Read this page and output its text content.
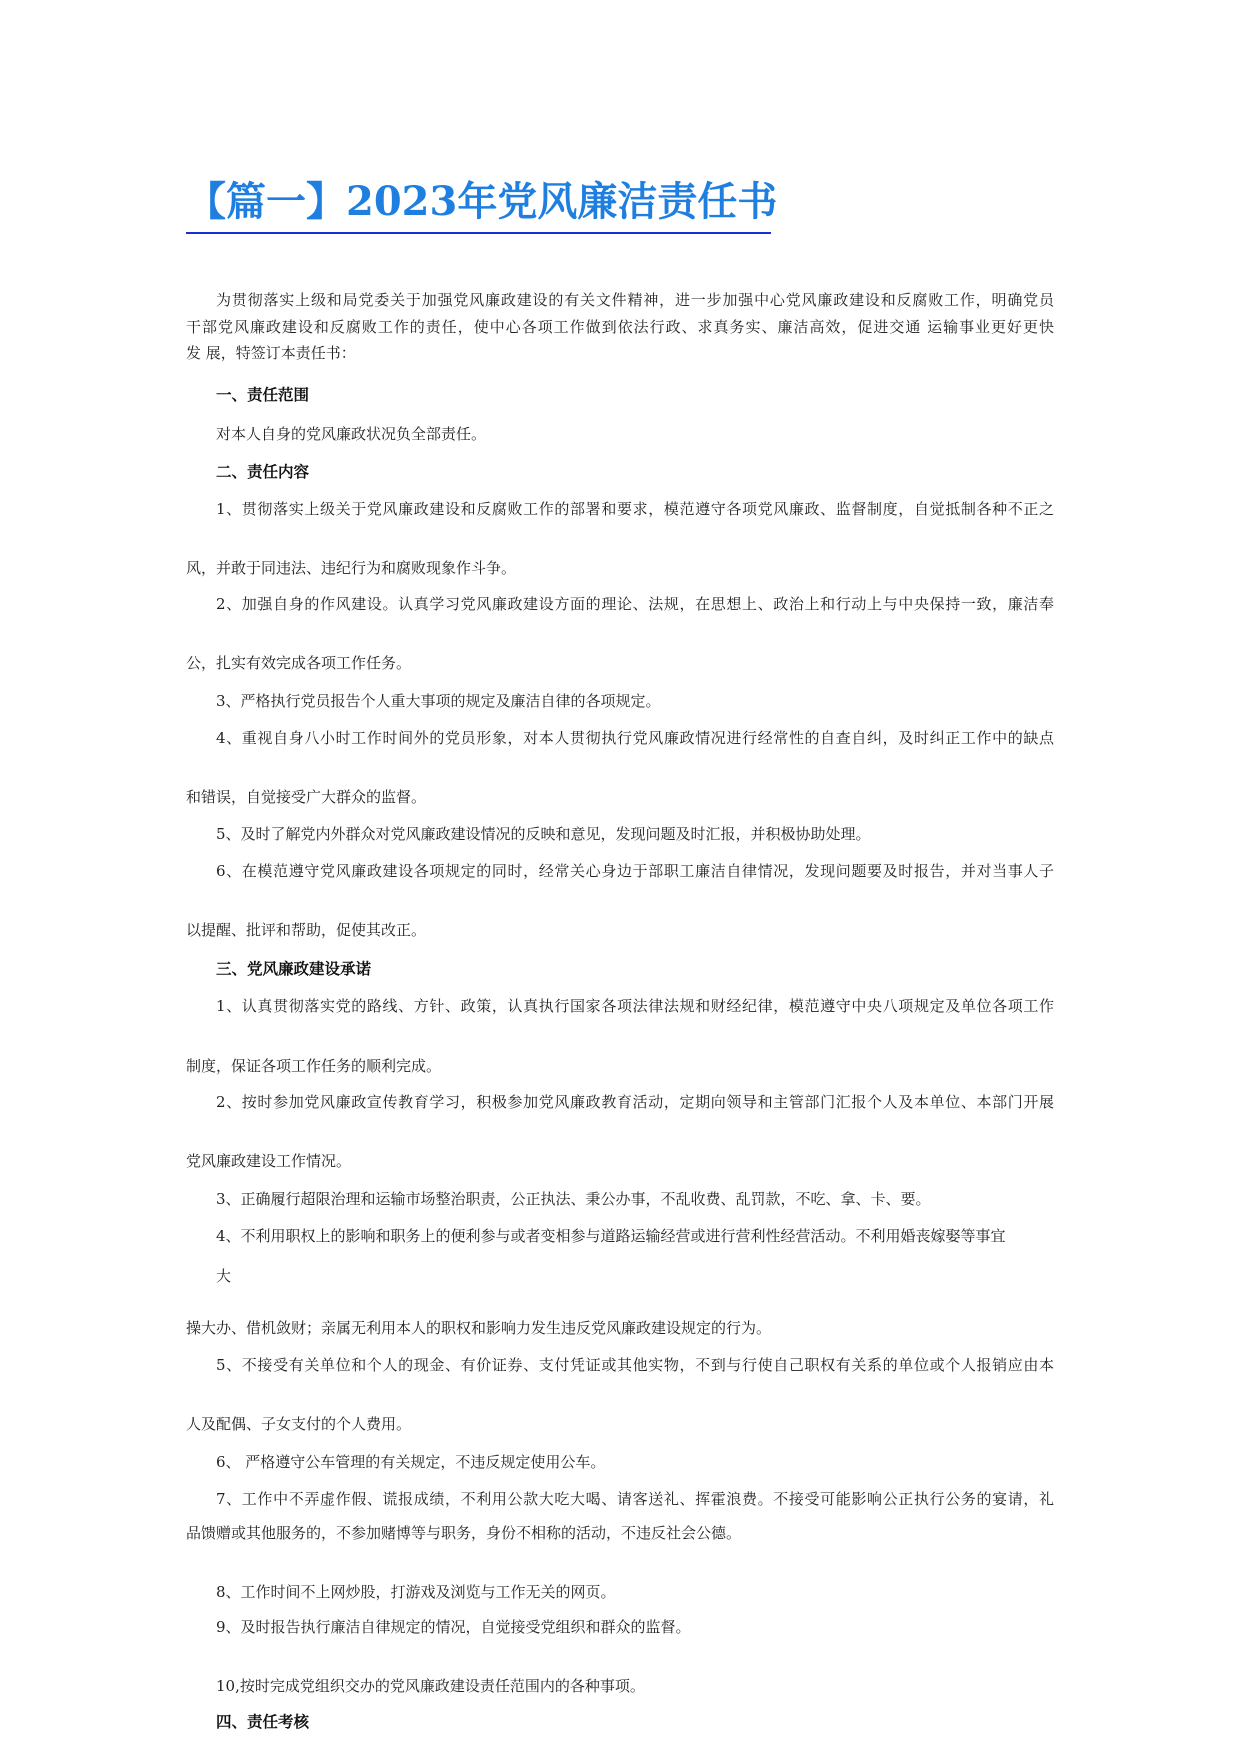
【篇一】2023年党风廉洁责任书
为贯彻落实上级和局党委关于加强党风廉政建设的有关文件精神，进一步加强中心党风廉政建设和反腐败工作，明确党员
干部党风廉政建设和反腐败工作的责任，使中心各项工作做到依法行政、求真务实、廉洁高效，促进交通 运输事业更好更快
发 展，特签订本责任书：
一、责任范围
对本人自身的党风廉政状况负全部责任。
二、责任内容
1、贯彻落实上级关于党风廉政建设和反腐败工作的部署和要求，模范遵守各项党风廉政、监督制度，自觉抵制各种不正之
风，并敢于同违法、违纪行为和腐败现象作斗争。
2、加强自身的作风建设。认真学习党风廉政建设方面的理论、法规，在思想上、政治上和行动上与中央保持一致，廉洁奉
公，扎实有效完成各项工作任务。
3、严格执行党员报告个人重大事项的规定及廉洁自律的各项规定。
4、重视自身八小时工作时间外的党员形象，对本人贯彻执行党风廉政情况进行经常性的自查自纠，及时纠正工作中的缺点
和错误，自觉接受广大群众的监督。
5、及时了解党内外群众对党风廉政建设情况的反映和意见，发现问题及时汇报，并积极协助处理。
6、在模范遵守党风廉政建设各项规定的同时，经常关心身边于部职工廉洁自律情况，发现问题要及时报告，并对当事人子
以提醒、批评和帮助，促使其改正。
三、党风廉政建设承诺
1、认真贯彻落实党的路线、方针、政策，认真执行国家各项法律法规和财经纪律，模范遵守中央八项规定及单位各项工作
制度，保证各项工作任务的顺利完成。
2、按时参加党风廉政宣传教育学习，积极参加党风廉政教育活动，定期向领导和主管部门汇报个人及本单位、本部门开展
党风廉政建设工作情况。
3、正确履行超限治理和运输市场整治职责，公正执法、秉公办事，不乱收费、乱罚款，不吃、拿、卡、要。
4、不利用职权上的影响和职务上的便利参与或者变相参与道路运输经营或进行营利性经营活动。不利用婚丧嫁娶等事宜
大
操大办、借机敛财；亲属无利用本人的职权和影响力发生违反党风廉政建设规定的行为。
5、不接受有关单位和个人的现金、有价证券、支付凭证或其他实物，不到与行使自己职权有关系的单位或个人报销应由本
人及配偶、子女支付的个人费用。
6、 严格遵守公车管理的有关规定，不违反规定使用公车。
7、工作中不弄虚作假、谎报成绩，不利用公款大吃大喝、请客送礼、挥霍浪费。不接受可能影响公正执行公务的宴请，礼
品馈赠或其他服务的，不参加赌博等与职务，身份不相称的活动，不违反社会公德。
8、工作时间不上网炒股，打游戏及浏览与工作无关的网页。
9、及时报告执行廉洁自律规定的情况，自觉接受党组织和群众的监督。
10,按时完成党组织交办的党风廉政建设责任范围内的各种事项。
四、责任考核
